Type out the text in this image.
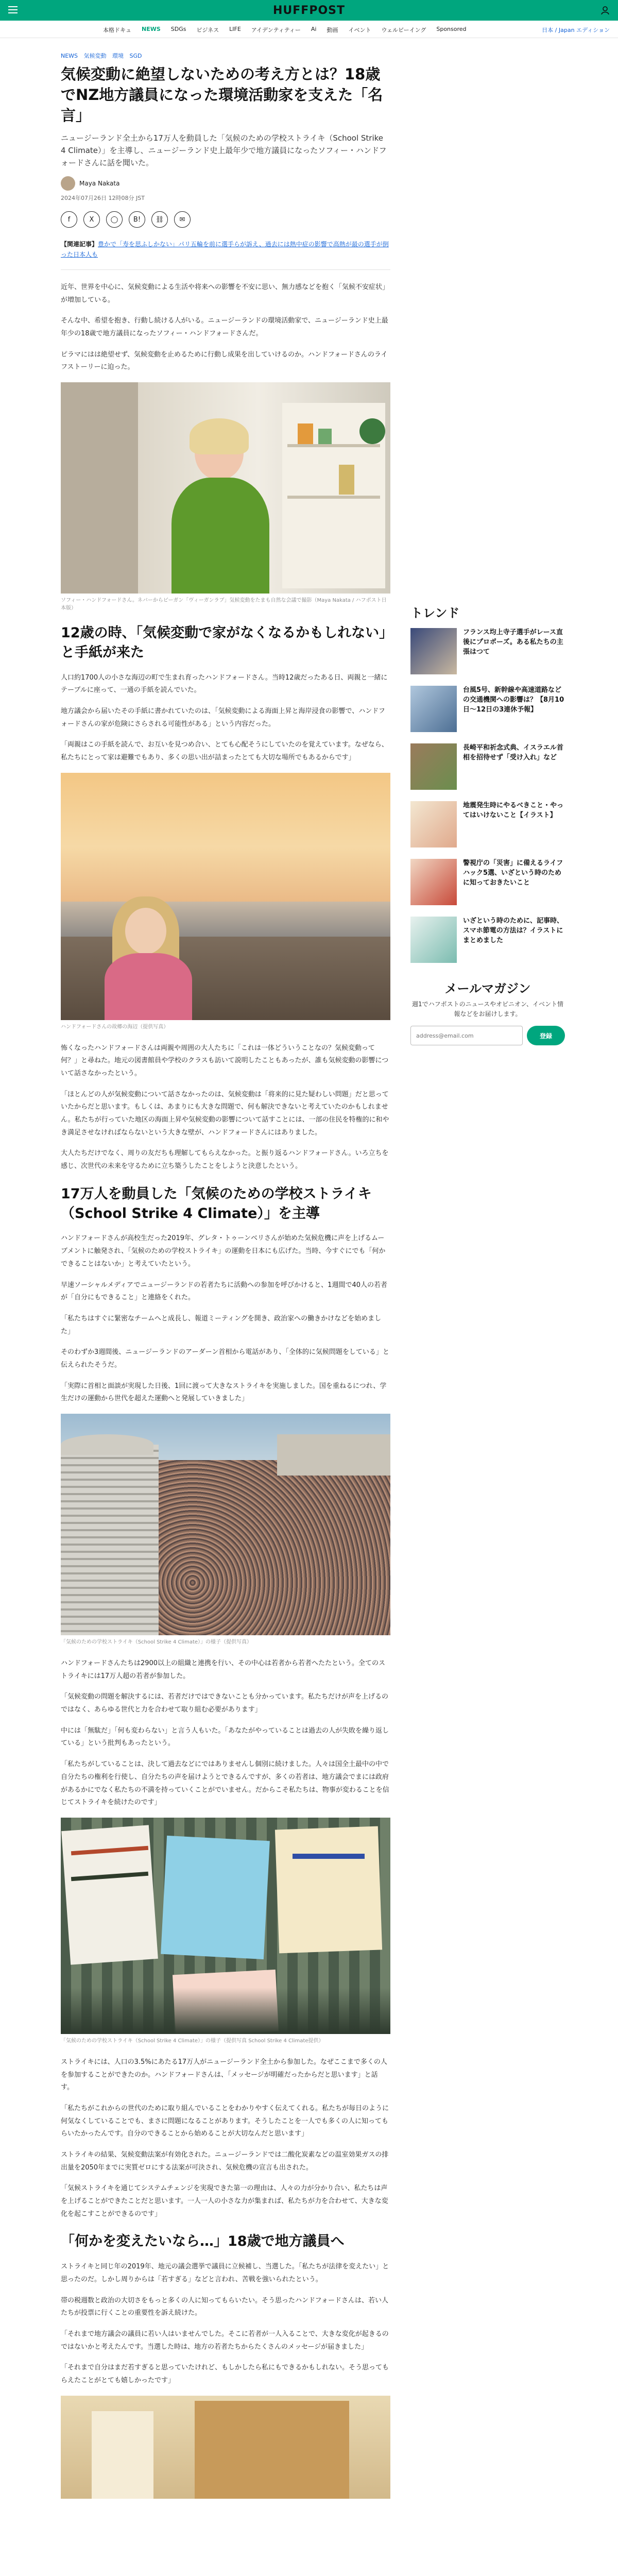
HUFFPOST
本格ドキュ NEWS SDGs ビジネス LIFE アイデンティティー Ai 動画 イベント ウェルビーイング Sponsored	日本 / Japan エディション
NEWS 気候変動 環境 SGD
気候変動に絶望しないための考え方とは？18歳でNZ地方議員になった環境活動家を支えた「名言」

ニュージーランド全土から17万人を動員した「気候のための学校ストライキ（School Strike 4 Climate）」を主導し、ニュージーランド史上最年少で地方議員になったソフィー・ハンドフォードさんに話を聞いた。

Maya Nakata
2024年07月26日 12時08分 JST
f	X	◯	B!	⛓	✉
【関連記事】豊かで「寿を思ふしかない」パリ五輪を前に選手らが訴え、過去には熱中症の影響で高熱が最の選手が倒った日本人も

近年、世界を中心に、気候変動による生活や将来への影響を不安に思い、無力感などを抱く「気候不安症状」が増加している。

そんな中、希望を抱き、行動し続ける人がいる。ニュージーランドの環境活動家で、ニュージーランド史上最年少の18歳で地方議員になったソフィー・ハンドフォードさんだ。

ピラマにはは絶望せず、気候変動を止めるために行動し成果を出していけるのか。ハンドフォードさんのライフストーリーに迫った。

ソフィー・ハンドフォードさん。ネバーからビーガン「ヴィーガンラブ」気候変動をたまも自然な会議で撮影（Maya Nakata / ハフポスト日本版）
12歳の時、「気候変動で家がなくなるかもしれない」と手紙が来た

人口約1700人の小さな海辺の町で生まれ育ったハンドフォードさん。当時12歳だったある日、両親と一緒にテーブルに座って、一通の手紙を読んでいた。

地方議会から届いたその手紙に書かれていたのは、「気候変動による海面上昇と海岸浸食の影響で、ハンドフォードさんの家が危険にさらされる可能性がある」という内容だった。

「両親はこの手紙を読んで、お互いを見つめ合い、とても心配そうにしていたのを覚えています。なぜなら、私たちにとって家は避難でもあり、多くの思い出が詰まったとても大切な場所でもあるからです」

ハンドフォードさんの故郷の海辺（提供写真）

怖くなったハンドフォードさんは両親や周囲の大人たちに「これは一体どういうことなの？気候変動って何？」と尋ねた。地元の図書館員や学校のクラスも訪いて説明したこともあったが、誰も気候変動の影響について話さなかったという。

「ほとんどの人が気候変動について話さなかったのは、気候変動は「将来的に見た疑わしい問題」だと思っていたからだと思います。もしくは、あまりにも大きな問題で、何も解決できないと考えていたのかもしれません。私たちが行っていた地区の海面上昇や気候変動の影響について話すことには、一部の住民を特権的に和やき満足させなければならないという大きな壁が、ハンドフォードさんにはありました。

大人たちだけでなく、周りの友だちも理解してもらえなかった。と振り返るハンドフォードさん。いろ立ちを感じ、次世代の未来を守るために立ち築うしたことをしようと決意したという。

17万人を動員した「気候のための学校ストライキ（School Strike 4 Climate）」を主導

ハンドフォードさんが高校生だった2019年、グレタ・トゥーンベリさんが始めた気候危機に声を上げるムーブメントに触発され、「気候のための学校ストライキ」の運動を日本にも広げた。当時、今すぐにでも「何かできることはないか」と考えていたという。

早速ソーシャルメディアでニュージーランドの若者たちに活動への参加を呼びかけると、1週間で40人の若者が「自分にもできること」と連絡をくれた。

「私たちはすぐに緊密なチームへと成長し、報道ミーティングを開き、政治家への働きかけなどを始めました」

そのわずか3週間後、ニュージーランドのアーダーン首相から電話があり、「全体的に気候問題をしている」と伝えられたそうだ。

「実際に首相と面談が実現した日後、1回に渡って大きなストライキを実施しました。国を重ねるにつれ、学生だけの運動から世代を超えた運動へと発展していきました」

「気候のための学校ストライキ（School Strike 4 Climate）」の様子（提供写真）

ハンドフォードさんたちは2900以上の組織と連携を行い、その中心は若者から若者へたたという。全てのストライキには17万人超の若者が参加した。

「気候変動の問題を解決するには、若者だけではできないことも分かっています。私たちだけが声を上げるのではなく、あらゆる世代と力を合わせて取り組む必要があります」

中には「無駄だ」「何も変わらない」と言う人もいた。「あなたがやっていることは過去の人が失敗を繰り返している」という批判もあったという。

「私たちがしていることは、決して過去などにではありませんし個別に続けました。人々は国全土最中の中で自分たちの権利を行使し、自分たちの声を届けようとできるんですが、多くの若者は、地方議会でまには政府があるかにでなく私たちの不満を持っていくことがでいません。だからこそ私たちは、物事が変わることを信じてストライキを続けたのです」

「気候のための学校ストライキ（School Strike 4 Climate）」の様子（提供写真 School Strike 4 Climate提供）

ストライキには、人口の3.5%にあたる17万人がニュージーランド全土から参加した。なぜここまで多くの人を参加することができたのか。ハンドフォードさんは、「メッセージが明確だったからだと思います」と話す。

「私たちがこれからの世代のために取り組んでいることをわかりやすく伝えてくれる。私たちが毎日のように何気なくしていることでも、まさに問題になることがあります。そうしたことを一人でも多くの人に知ってもらいたかったんです。自分のできることから始めることが大切なんだと思います」

ストライキの結果、気候変動法案が有効化された。ニュージーランドでは二酸化炭素などの温室効果ガスの排出量を2050年までに実質ゼロにする法案が可決され、気候危機の宣言も出された。

「気候ストライキを通じてシステムチェンジを実現できた第一の理由は、人々の力が分かり合い、私たちは声を上げることができたことだと思います。一人一人の小さな力が集まれば、私たちが力を合わせて、大きな変化を起こすことができるのです」

「何かを変えたいなら…」18歳で地方議員へ

ストライキと同じ年の2019年、地元の議会選挙で議員に立候補し、当選した。「私たちが法律を変えたい」と思ったのだ。しかし周りからは「若すぎる」などと言われ、苦戦を強いられたという。

帯の税週数と政治の大切さをもっと多くの人に知ってもらいたい。そう思ったハンドフォードさんは、若い人たちが投票に行くことの重要性を訴え続けた。

「それまで地方議会の議員に若い人はいませんでした。そこに若者が一人入ることで、大きな変化が起きるのではないかと考えたんです。当選した時は、地方の若者たちからたくさんのメッセージが届きました」

「それまで自分はまだ若すぎると思っていたけれど、もしかしたら私にもできるかもしれない。そう思ってもらえたことがとても嬉しかったです」

トレンド
フランス均上寺子選手がレース直後にプロポーズ。ある私たちの主張はつて
台風5号、新幹線や高速道路などの交通機関への影響は？【8月10日〜12日の3連休予報】
長崎平和祈念式典、イスラエル首相を招待せず「受け入れ」など
地震発生時にやるべきこと・やってはいけないこと【イラスト】
警視庁の「災害」に備えるライフハック5選、いざという時のために知っておきたいこと
いざという時のために、記事時、スマホ節電の方法は？イラストにまとめました
メールマガジン

週1でハフポストのニュースやオピニオン、イベント情報などをお届けします。

address@email.com
登録
